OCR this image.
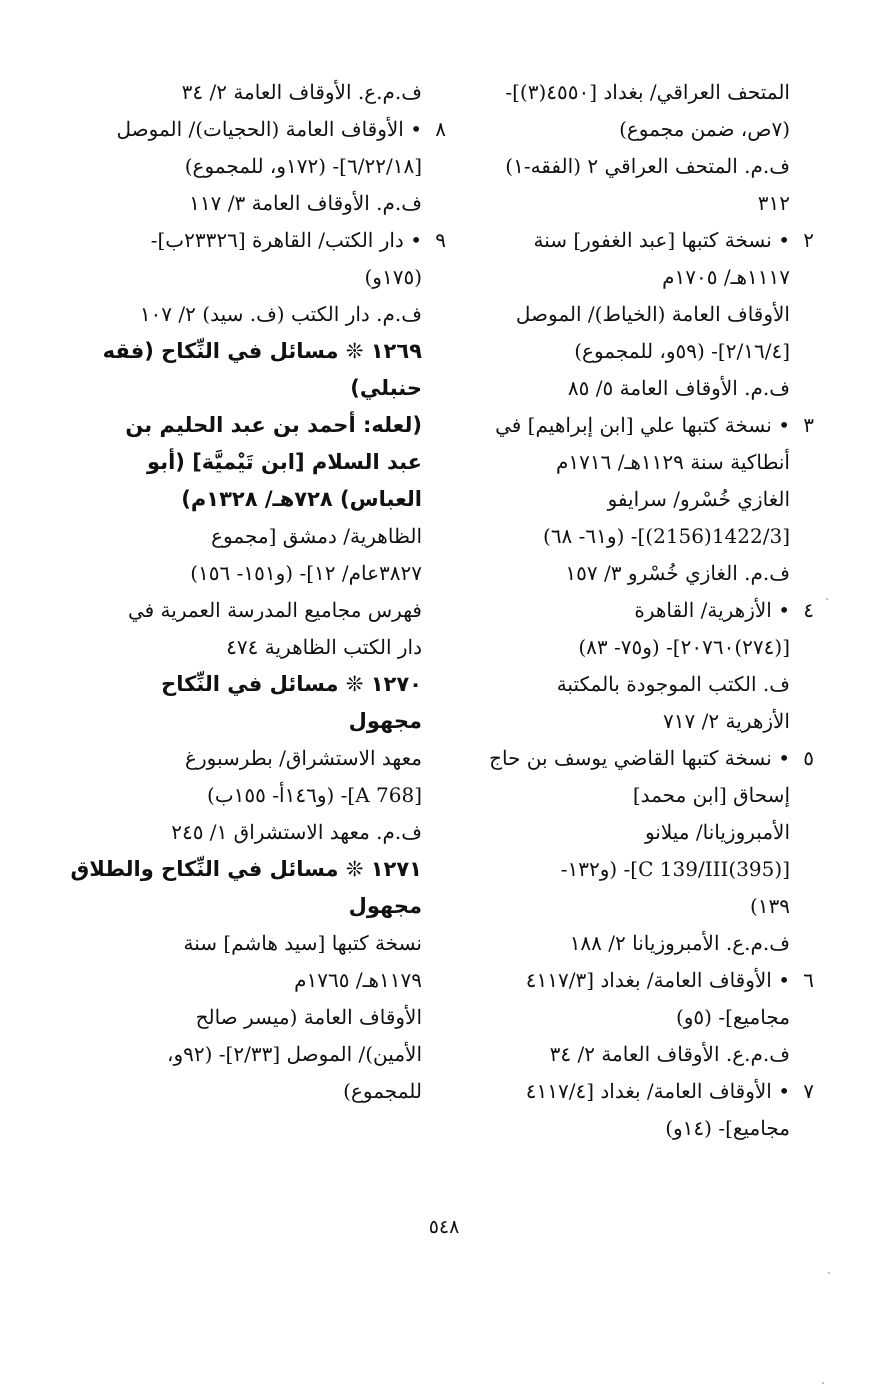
المتحف العراقي/ بغداد [٤٥٥٠(٣)]-
(٧ص، ضمن مجموع)
ف.م. المتحف العراقي ٢ (الفقه-١)
٣١٢
• نسخة كتبها [عبد الغفور] سنة ٢
١١١٧هـ/ ١٧٠٥م
الأوقاف العامة (الخياط)/ الموصل
[٢/١٦/٤]- (٥٩و، للمجموع)
ف.م. الأوقاف العامة ٥/ ٨٥
• نسخة كتبها علي [ابن إبراهيم] في ٣
أنطاكية سنة ١١٢٩هـ/ ١٧١٦م
الغازي خُسْرو/ سرايفو
[1422/3(2156)]- (و٦١- ٦٨)
ف.م. الغازي خُسْرو ٣/ ١٥٧
• الأزهرية/ القاهرة ٤
[(٢٧٤)٢٠٧٦٠]- (و٧٥- ٨٣)
ف. الكتب الموجودة بالمكتبة
الأزهرية ٢/ ٧١٧
• نسخة كتبها القاضي يوسف بن حاج ٥
إسحاق [ابن محمد]
الأمبروزيانا/ ميلانو
[C 139/III(395)]- (و١٣٢-
١٣٩)
ف.م.ع. الأمبروزيانا ٢/ ١٨٨
• الأوقاف العامة/ بغداد [٤١١٧/٣ ٦
مجاميع]- (٥و)
ف.م.ع. الأوقاف العامة ٢/ ٣٤
• الأوقاف العامة/ بغداد [٤١١٧/٤ ٧
مجاميع]- (١٤و)
ف.م.ع. الأوقاف العامة ٢/ ٣٤
• الأوقاف العامة (الحجيات)/ الموصل ٨
[٦/٢٢/١٨]- (١٧٢و، للمجموع)
ف.م. الأوقاف العامة ٣/ ١١٧
• دار الكتب/ القاهرة [٢٣٣٢٦ب]- ٩
(١٧٥و)
ف.م. دار الكتب (ف. سيد) ٢/ ١٠٧
١٢٦٩ ❊ مسائل في النِّكاح (فقه
حنبلي)
(لعله: أحمد بن عبد الحليم بن
عبد السلام [ابن تَيْميَّة] (أبو
العباس) ٧٢٨هـ/ ١٣٢٨م)
الظاهرية/ دمشق [مجموع
٣٨٢٧عام/ ١٢]- (و١٥١- ١٥٦)
فهرس مجاميع المدرسة العمرية في
دار الكتب الظاهرية ٤٧٤
١٢٧٠ ❊ مسائل في النِّكاح
مجهول
معهد الاستشراق/ بطرسبورغ
[A 768]- (و١٤٦أ- ١٥٥ب)
ف.م. معهد الاستشراق ١/ ٢٤٥
١٢٧١ ❊ مسائل في النِّكاح والطلاق
مجهول
نسخة كتبها [سيد هاشم] سنة
١١٧٩هـ/ ١٧٦٥م
الأوقاف العامة (ميسر صالح
الأمين)/ الموصل [٢/٣٣]- (٩٢و،
للمجموع)
٥٤٨
